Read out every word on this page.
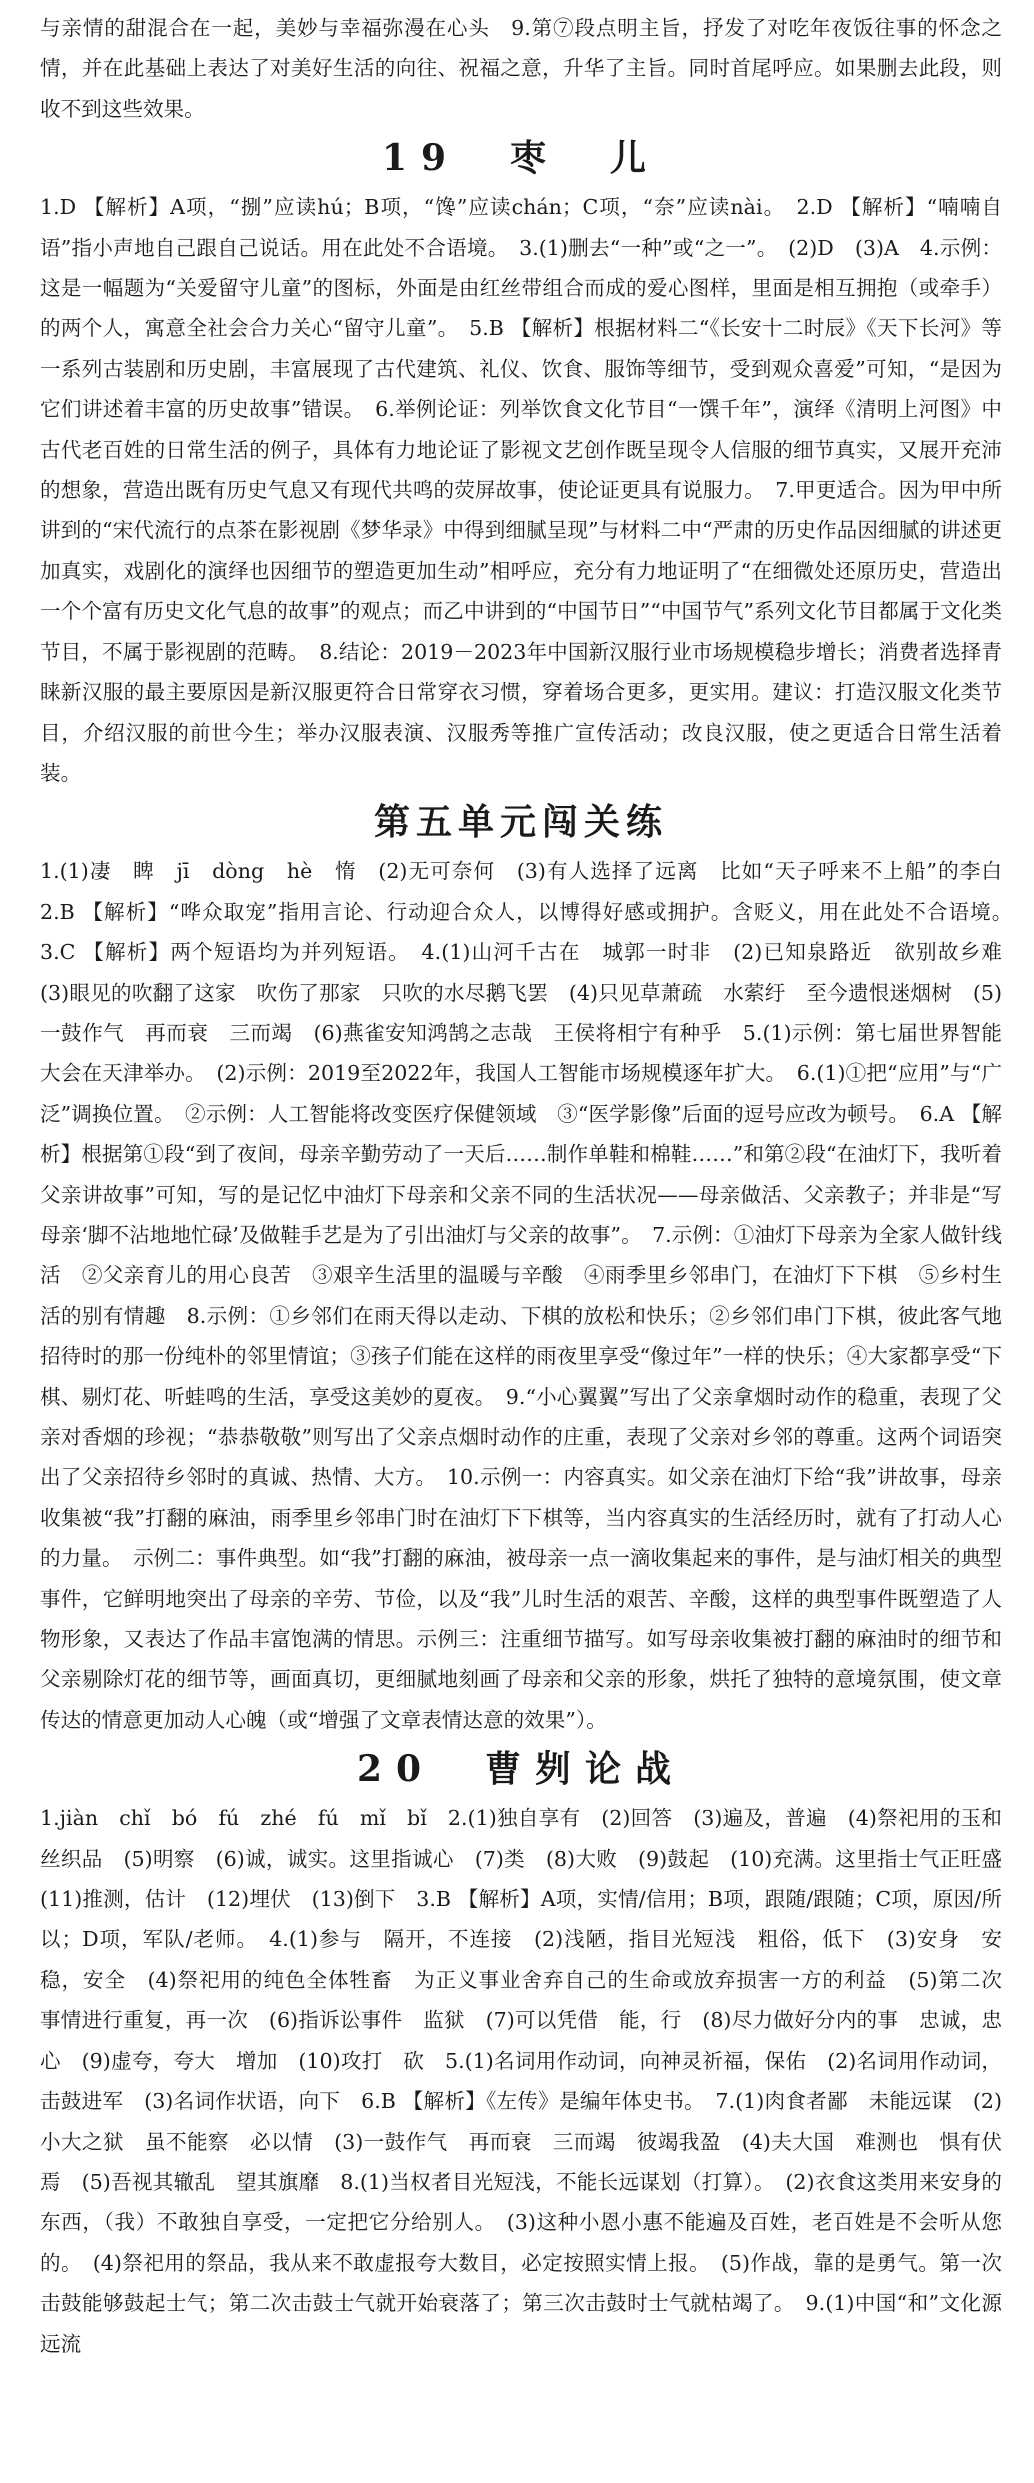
与亲情的甜混合在一起，美妙与幸福弥漫在心头　9.第⑦段点明主旨，抒发了对吃年夜饭往事的怀念之情，并在此基础上表达了对美好生活的向往、祝福之意，升华了主旨。同时首尾呼应。如果删去此段，则收不到这些效果。

19　枣　儿

1.D 【解析】A项，“捌”应读hú；B项，“馋”应读chán；C项，“奈”应读nài。　2.D 【解析】“喃喃自语”指小声地自己跟自己说话。用在此处不合语境。　3.(1)删去“一种”或“之一”。　(2)D　(3)A　4.示例：这是一幅题为“关爱留守儿童”的图标，外面是由红丝带组合而成的爱心图样，里面是相互拥抱（或牵手）的两个人，寓意全社会合力关心“留守儿童”。　5.B 【解析】根据材料二“《长安十二时辰》《天下长河》等一系列古装剧和历史剧，丰富展现了古代建筑、礼仪、饮食、服饰等细节，受到观众喜爱”可知，“是因为它们讲述着丰富的历史故事”错误。　6.举例论证：列举饮食文化节目“一馔千年”，演绎《清明上河图》中古代老百姓的日常生活的例子，具体有力地论证了影视文艺创作既呈现令人信服的细节真实，又展开充沛的想象，营造出既有历史气息又有现代共鸣的荧屏故事，使论证更具有说服力。　7.甲更适合。因为甲中所讲到的“宋代流行的点茶在影视剧《梦华录》中得到细腻呈现”与材料二中“严肃的历史作品因细腻的讲述更加真实，戏剧化的演绎也因细节的塑造更加生动”相呼应，充分有力地证明了“在细微处还原历史，营造出一个个富有历史文化气息的故事”的观点；而乙中讲到的“中国节日”“中国节气”系列文化节目都属于文化类节目，不属于影视剧的范畴。　8.结论：2019－2023年中国新汉服行业市场规模稳步增长；消费者选择青睐新汉服的最主要原因是新汉服更符合日常穿衣习惯，穿着场合更多，更实用。建议：打造汉服文化类节目，介绍汉服的前世今生；举办汉服表演、汉服秀等推广宣传活动；改良汉服，使之更适合日常生活着装。

第五单元闯关练

1.(1)凄　睥　jī　dòng　hè　惰　(2)无可奈何　(3)有人选择了远离　比如“天子呼来不上船”的李白　2.B 【解析】“哗众取宠”指用言论、行动迎合众人，以博得好感或拥护。含贬义，用在此处不合语境。　3.C 【解析】两个短语均为并列短语。　4.(1)山河千古在　城郭一时非　(2)已知泉路近　欲别故乡难　(3)眼见的吹翻了这家　吹伤了那家　只吹的水尽鹅飞罢　(4)只见草萧疏　水萦纡　至今遗恨迷烟树　(5)一鼓作气　再而衰　三而竭　(6)燕雀安知鸿鹄之志哉　王侯将相宁有种乎　5.(1)示例：第七届世界智能大会在天津举办。　(2)示例：2019至2022年，我国人工智能市场规模逐年扩大。　6.(1)①把“应用”与“广泛”调换位置。　②示例：人工智能将改变医疗保健领域　③“医学影像”后面的逗号应改为顿号。　6.A 【解析】根据第①段“到了夜间，母亲辛勤劳动了一天后……制作单鞋和棉鞋……”和第②段“在油灯下，我听着父亲讲故事”可知，写的是记忆中油灯下母亲和父亲不同的生活状况——母亲做活、父亲教子；并非是“写母亲‘脚不沾地地忙碌’及做鞋手艺是为了引出油灯与父亲的故事”。　7.示例：①油灯下母亲为全家人做针线活　②父亲育儿的用心良苦　③艰辛生活里的温暖与辛酸　④雨季里乡邻串门，在油灯下下棋　⑤乡村生活的别有情趣　8.示例：①乡邻们在雨天得以走动、下棋的放松和快乐；②乡邻们串门下棋，彼此客气地招待时的那一份纯朴的邻里情谊；③孩子们能在这样的雨夜里享受“像过年”一样的快乐；④大家都享受“下棋、剔灯花、听蛙鸣的生活，享受这美妙的夏夜。　9.“小心翼翼”写出了父亲拿烟时动作的稳重，表现了父亲对香烟的珍视；“恭恭敬敬”则写出了父亲点烟时动作的庄重，表现了父亲对乡邻的尊重。这两个词语突出了父亲招待乡邻时的真诚、热情、大方。　10.示例一：内容真实。如父亲在油灯下给“我”讲故事，母亲收集被“我”打翻的麻油，雨季里乡邻串门时在油灯下下棋等，当内容真实的生活经历时，就有了打动人心的力量。　示例二：事件典型。如“我”打翻的麻油，被母亲一点一滴收集起来的事件，是与油灯相关的典型事件，它鲜明地突出了母亲的辛劳、节俭，以及“我”儿时生活的艰苦、辛酸，这样的典型事件既塑造了人物形象，又表达了作品丰富饱满的情思。示例三：注重细节描写。如写母亲收集被打翻的麻油时的细节和父亲剔除灯花的细节等，画面真切，更细腻地刻画了母亲和父亲的形象，烘托了独特的意境氛围，使文章传达的情意更加动人心魄（或“增强了文章表情达意的效果”）。

20　曹刿论战

1.jiàn　chǐ　bó　fú　zhé　fú　mǐ　bǐ　2.(1)独自享有　(2)回答　(3)遍及，普遍　(4)祭祀用的玉和丝织品　(5)明察　(6)诚，诚实。这里指诚心　(7)类　(8)大败　(9)鼓起　(10)充满。这里指士气正旺盛　(11)推测，估计　(12)埋伏　(13)倒下　3.B 【解析】A项，实情/信用；B项，跟随/跟随；C项，原因/所以；D项，军队/老师。　4.(1)参与　隔开，不连接　(2)浅陋，指目光短浅　粗俗，低下　(3)安身　安稳，安全　(4)祭祀用的纯色全体牲畜　为正义事业舍弃自己的生命或放弃损害一方的利益　(5)第二次　事情进行重复，再一次　(6)指诉讼事件　监狱　(7)可以凭借　能，行　(8)尽力做好分内的事　忠诚，忠心　(9)虚夸，夸大　增加　(10)攻打　砍　5.(1)名词用作动词，向神灵祈福，保佑　(2)名词用作动词，击鼓进军　(3)名词作状语，向下　6.B 【解析】《左传》是编年体史书。　7.(1)肉食者鄙　未能远谋　(2)小大之狱　虽不能察　必以情　(3)一鼓作气　再而衰　三而竭　彼竭我盈　(4)夫大国　难测也　惧有伏焉　(5)吾视其辙乱　望其旗靡　8.(1)当权者目光短浅，不能长远谋划（打算）。　(2)衣食这类用来安身的东西，（我）不敢独自享受，一定把它分给别人。　(3)这种小恩小惠不能遍及百姓，老百姓是不会听从您的。　(4)祭祀用的祭品，我从来不敢虚报夸大数目，必定按照实情上报。　(5)作战，靠的是勇气。第一次击鼓能够鼓起士气；第二次击鼓士气就开始衰落了；第三次击鼓时士气就枯竭了。　9.(1)中国“和”文化源远流
